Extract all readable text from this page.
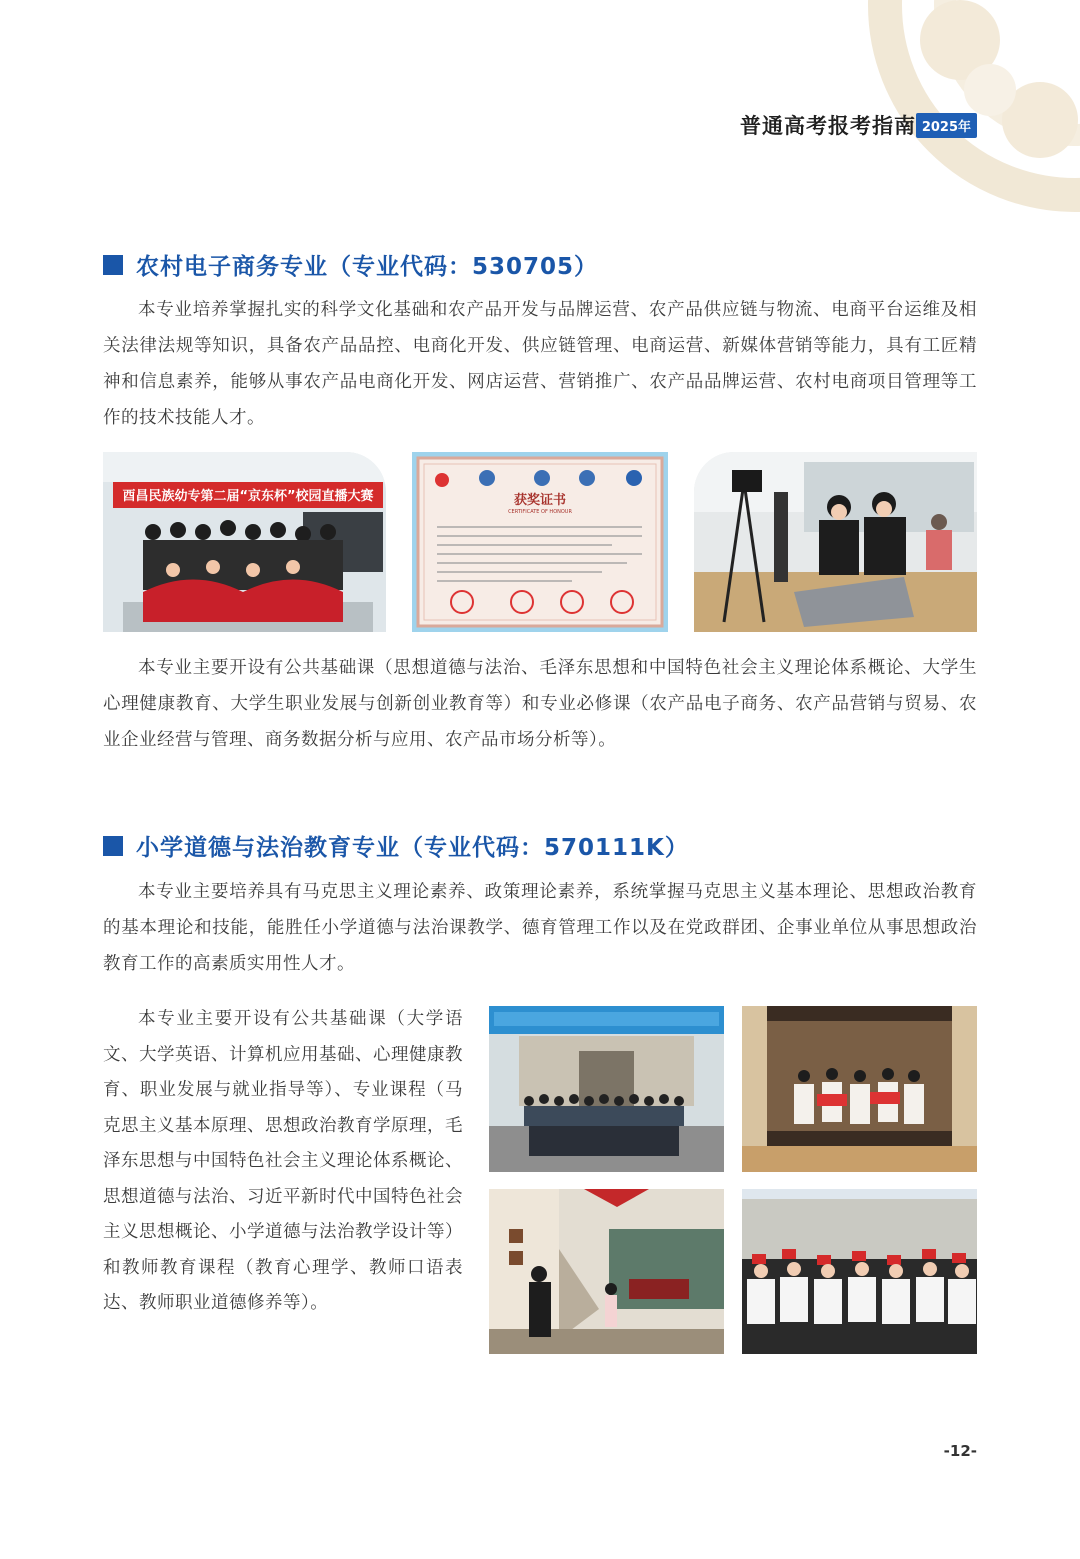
普通高考报考指南 2025年
农村电子商务专业（专业代码：530705）

本专业培养掌握扎实的科学文化基础和农产品开发与品牌运营、农产品供应链与物流、电商平台运维及相关法律法规等知识，具备农产品品控、电商化开发、供应链管理、电商运营、新媒体营销等能力，具有工匠精神和信息素养，能够从事农产品电商化开发、网店运营、营销推广、农产品品牌运营、农村电商项目管理等工作的技术技能人才。

酉昌民族幼专第二届“京东杯”校园直播大赛	获奖证书
CERTIFICATE OF HONOUR

本专业主要开设有公共基础课（思想道德与法治、毛泽东思想和中国特色社会主义理论体系概论、大学生心理健康教育、大学生职业发展与创新创业教育等）和专业必修课（农产品电子商务、农产品营销与贸易、农业企业经营与管理、商务数据分析与应用、农产品市场分析等）。

小学道德与法治教育专业（专业代码：570111K）

本专业主要培养具有马克思主义理论素养、政策理论素养，系统掌握马克思主义基本理论、思想政治教育的基本理论和技能，能胜任小学道德与法治课教学、德育管理工作以及在党政群团、企事业单位从事思想政治教育工作的高素质实用性人才。

本专业主要开设有公共基础课（大学语文、大学英语、计算机应用基础、心理健康教育、职业发展与就业指导等）、专业课程（马克思主义基本原理、思想政治教育学原理，毛泽东思想与中国特色社会主义理论体系概论、思想道德与法治、习近平新时代中国特色社会主义思想概论、小学道德与法治教学设计等）和教师教育课程（教育心理学、教师口语表达、教师职业道德修养等）。

-12-
